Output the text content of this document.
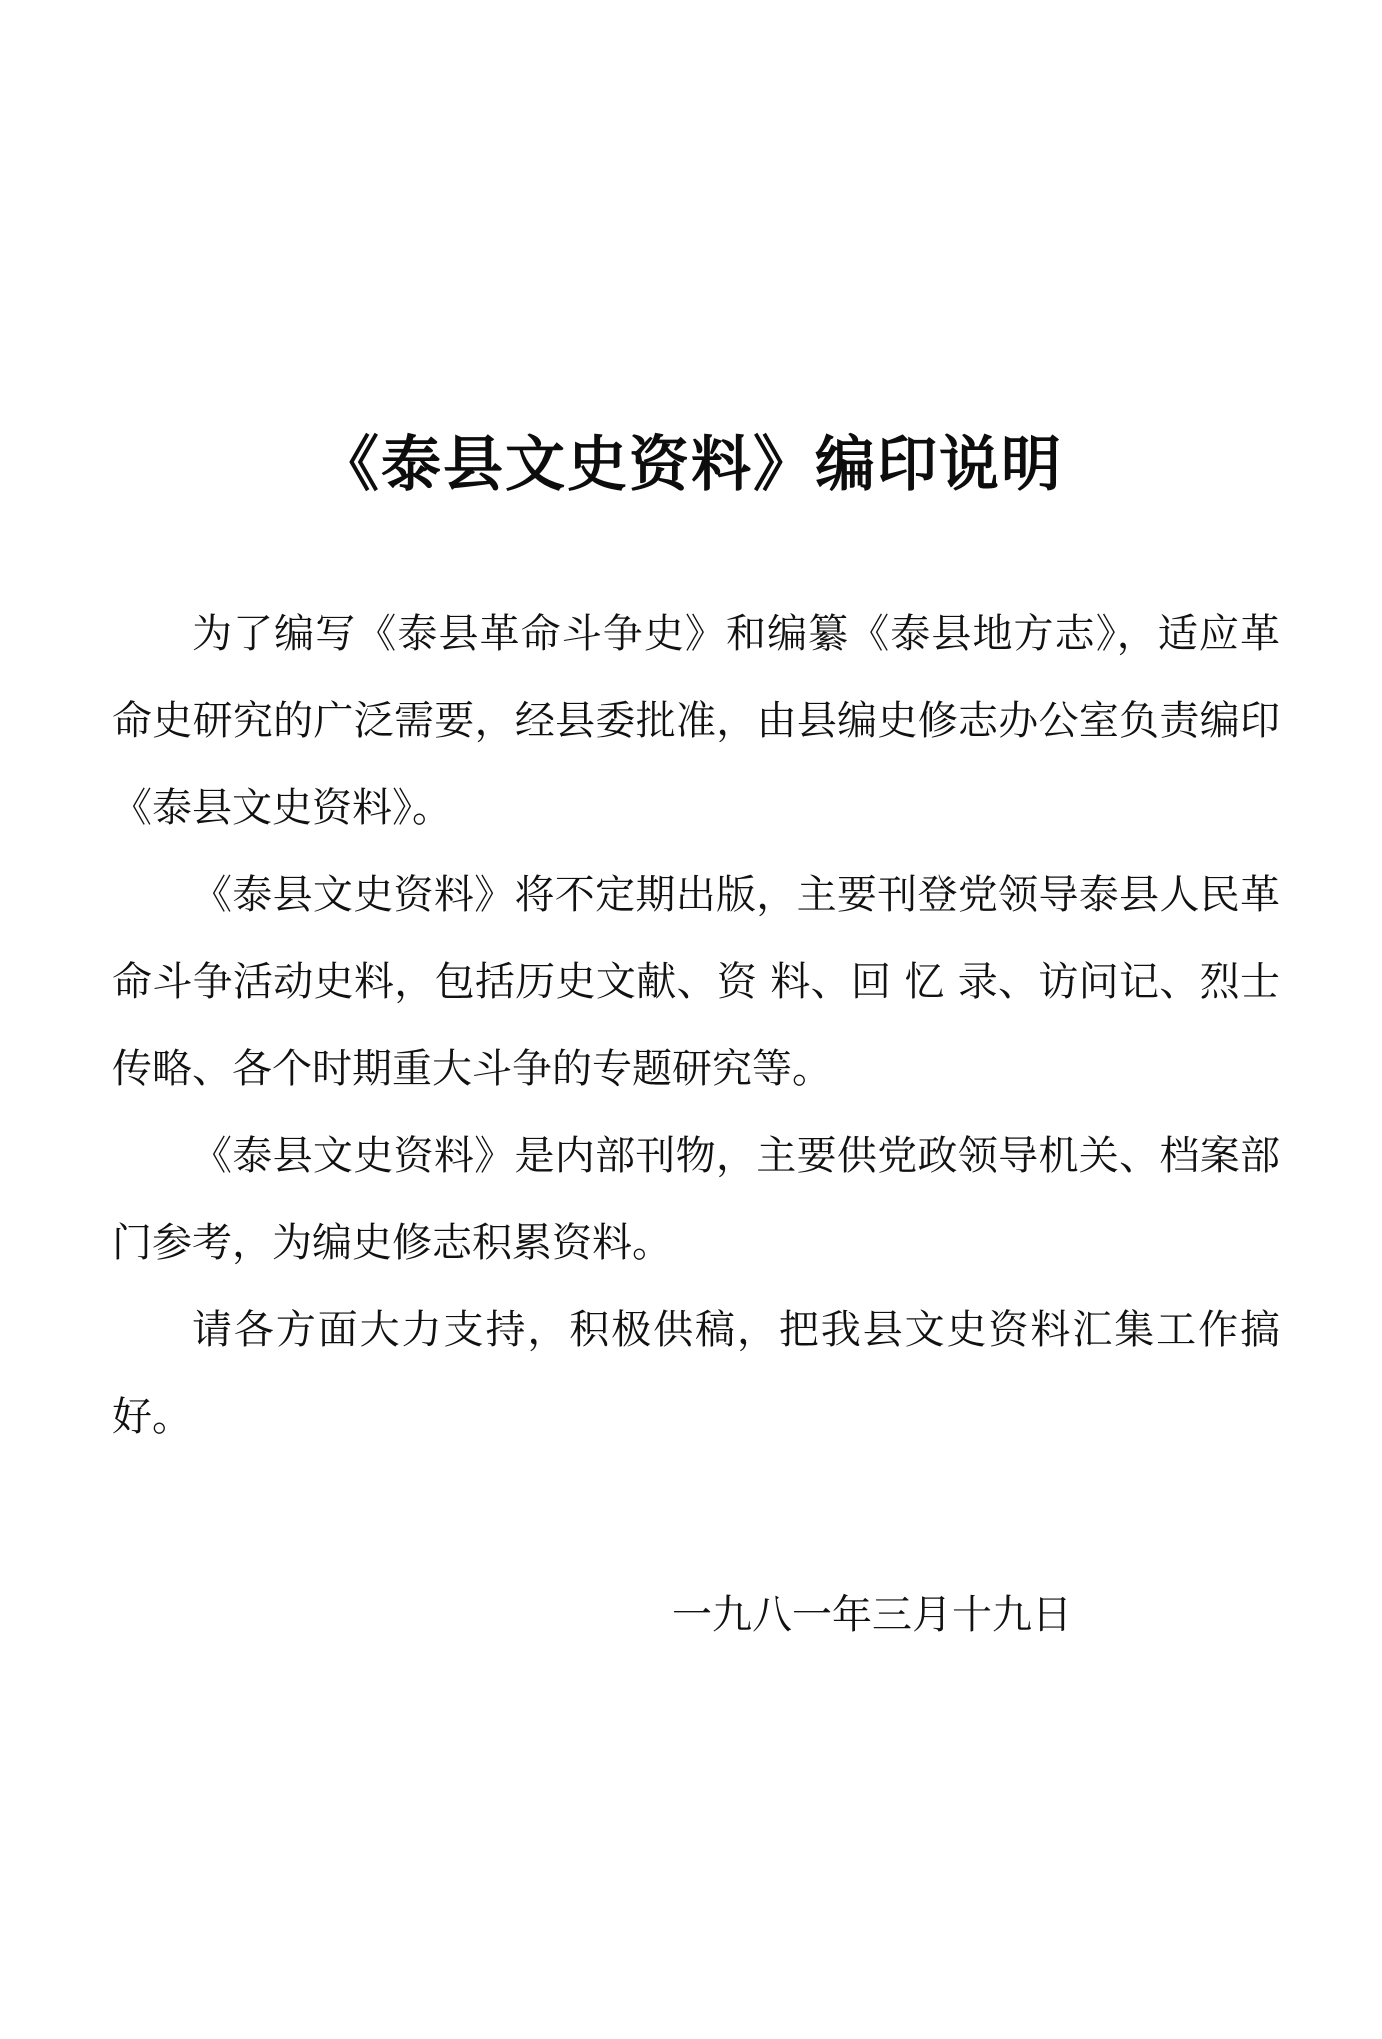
《泰县文史资料》编印说明

为了编写《泰县革命斗争史》和编纂《泰县地方志》，适应革命史研究的广泛需要，经县委批准，由县编史修志办公室负责编印《泰县文史资料》。

《泰县文史资料》将不定期出版，主要刊登党领导泰县人民革命斗争活动史料，包括历史文献、资 料、回 忆 录、访问记、烈士传略、各个时期重大斗争的专题研究等。

《泰县文史资料》是内部刊物，主要供党政领导机关、档案部门参考，为编史修志积累资料。

请各方面大力支持，积极供稿，把我县文史资料汇集工作搞好。

一九八一年三月十九日
